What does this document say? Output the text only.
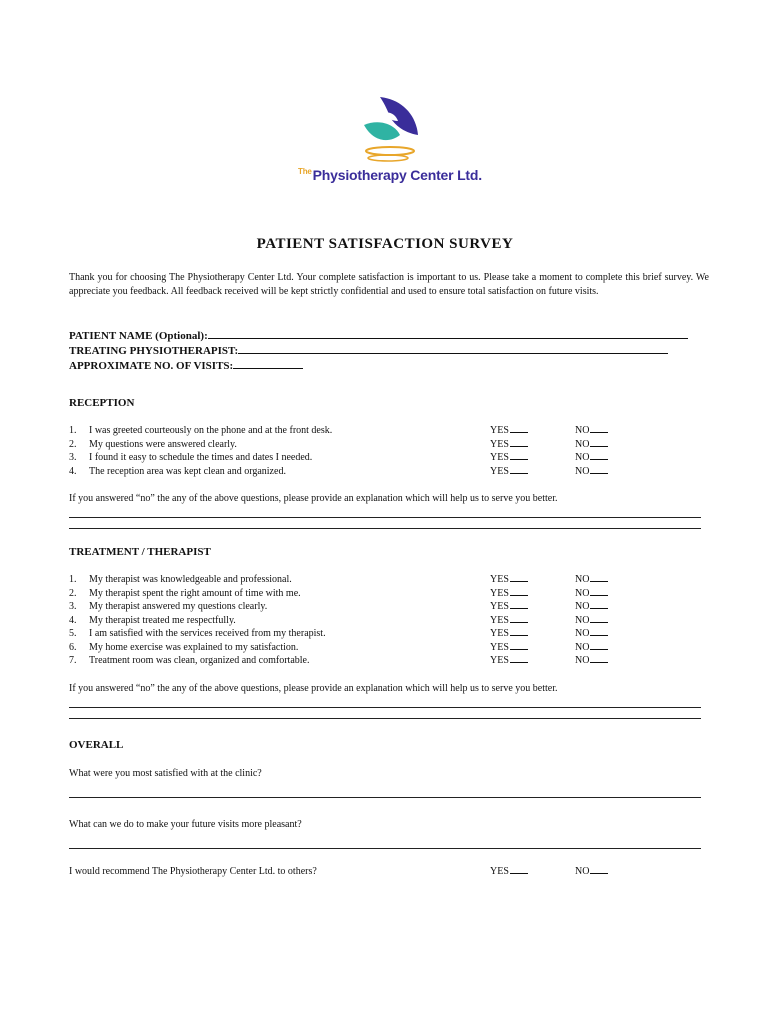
$^{The}$Physiotherapy Center Ltd.
PATIENT SATISFACTION SURVEY
Thank you for choosing The Physiotherapy Center Ltd. Your complete satisfaction is important to us. Please take a moment to complete this brief survey. We appreciate you feedback. All feedback received will be kept strictly confidential and used to ensure total satisfaction on future visits.
PATIENT NAME (Optional):
TREATING PHYSIOTHERAPIST:
APPROXIMATE NO. OF VISITS:
RECEPTION
1.	I was greeted courteously on the phone and at the front desk.	YES	NO
2.	My questions were answered clearly.	YES	NO
3.	I found it easy to schedule the times and dates I needed.	YES	NO
4.	The reception area was kept clean and organized.	YES	NO
If you answered “no” the any of the above questions, please provide an explanation which will help us to serve you better.
TREATMENT / THERAPIST
1.	My therapist was knowledgeable and professional.	YES	NO
2.	My therapist spent the right amount of time with me.	YES	NO
3.	My therapist answered my questions clearly.	YES	NO
4.	My therapist treated me respectfully.	YES	NO
5.	I am satisfied with the services received from my therapist.	YES	NO
6.	My home exercise was explained to my satisfaction.	YES	NO
7.	Treatment room was clean, organized and comfortable.	YES	NO
If you answered “no” the any of the above questions, please provide an explanation which will help us to serve you better.
OVERALL
What were you most satisfied with at the clinic?
What can we do to make your future visits more pleasant?
I would recommend The Physiotherapy Center Ltd. to others?	YES	NO
